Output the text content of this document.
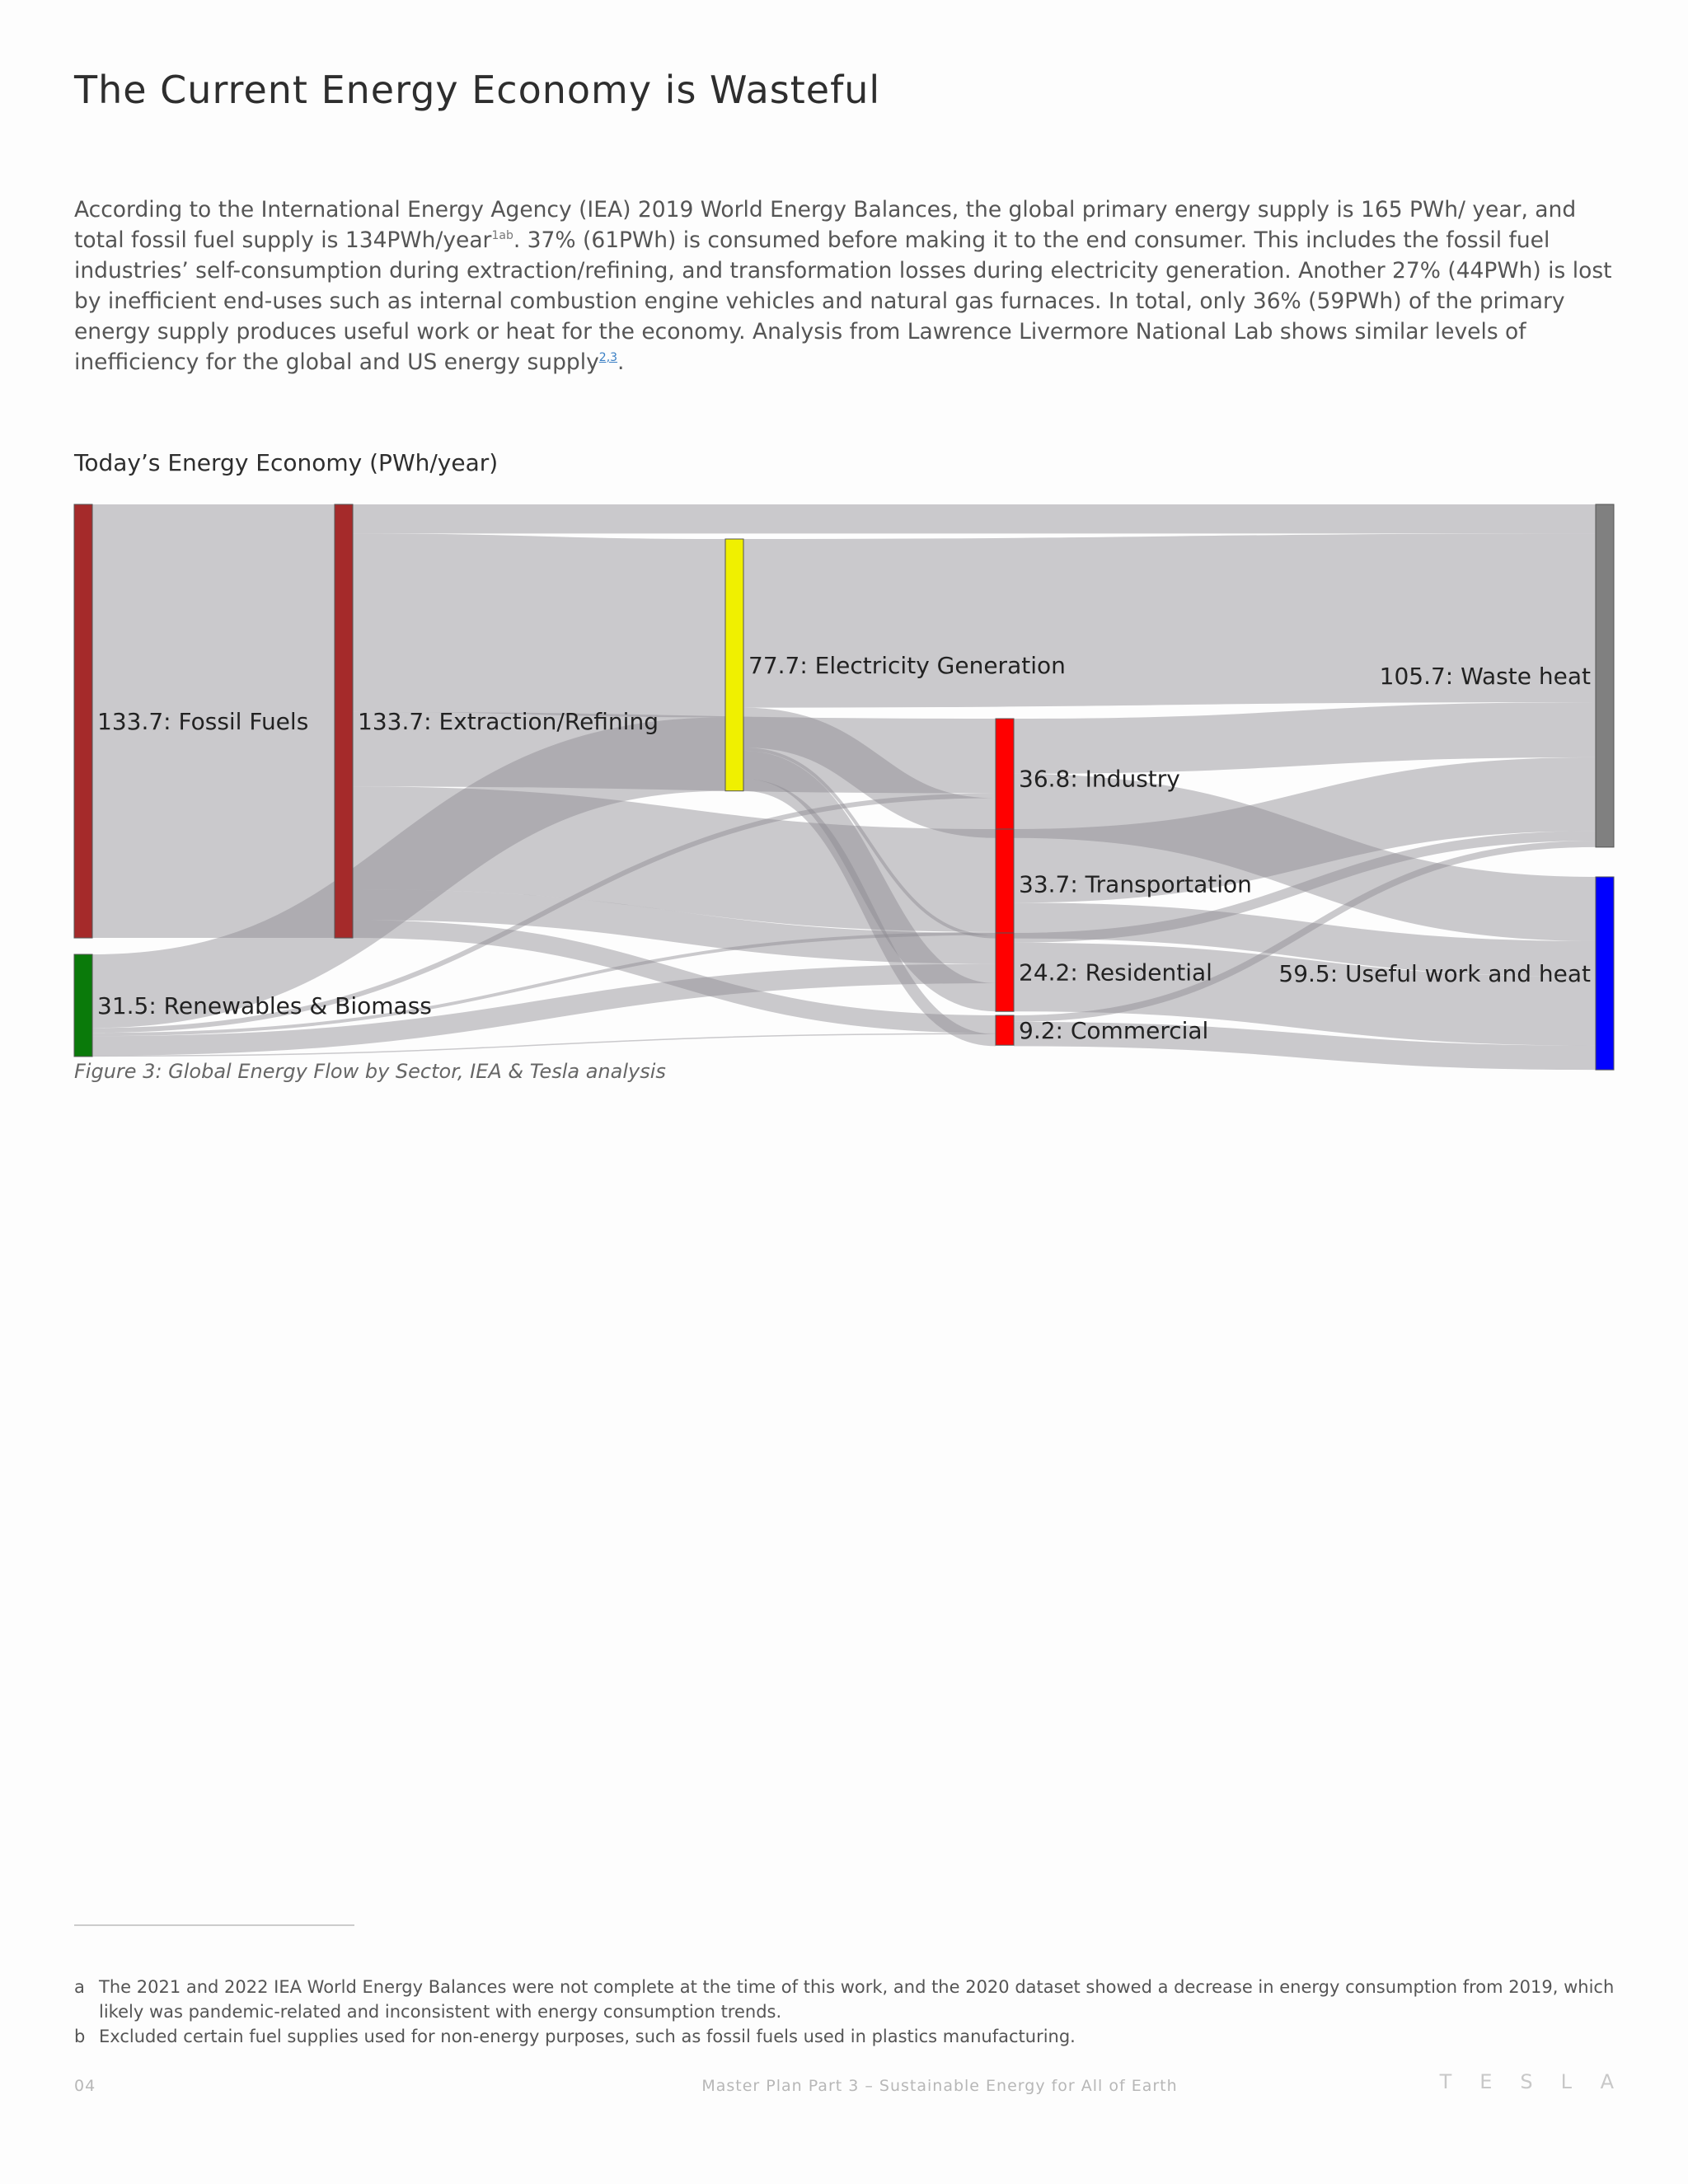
The Current Energy Economy is Wasteful

According to the International Energy Agency (IEA) 2019 World Energy Balances, the global primary energy supply is 165 PWh/ year, and total fossil fuel supply is 134PWh/year$^{1ab}$. 37% (61PWh) is consumed before making it to the end consumer. This includes the fossil fuel industries’ self-consumption during extraction/refining, and transformation losses during electricity generation. Another 27% (44PWh) is lost by inefficient end-uses such as internal combustion engine vehicles and natural gas furnaces. In total, only 36% (59PWh) of the primary energy supply produces useful work or heat for the economy. Analysis from Lawrence Livermore National Lab shows similar levels of inefficiency for the global and US energy supply$^{2,3}$.

Today’s Energy Economy (PWh/year)
133.7: Fossil Fuels
31.5: Renewables & Biomass
133.7: Extraction/Refining
77.7: Electricity Generation
36.8: Industry
33.7: Transportation
24.2: Residential
9.2: Commercial
105.7: Waste heat
59.5: Useful work and heat
Figure 3: Global Energy Flow by Sector, IEA & Tesla analysis
a The 2021 and 2022 IEA World Energy Balances were not complete at the time of this work, and the 2020 dataset showed a decrease in energy consumption from 2019, which likely was pandemic-related and inconsistent with energy consumption trends.
b Excluded certain fuel supplies used for non-energy purposes, such as fossil fuels used in plastics manufacturing.
04	Master Plan Part 3 – Sustainable Energy for All of Earth	TESLA
